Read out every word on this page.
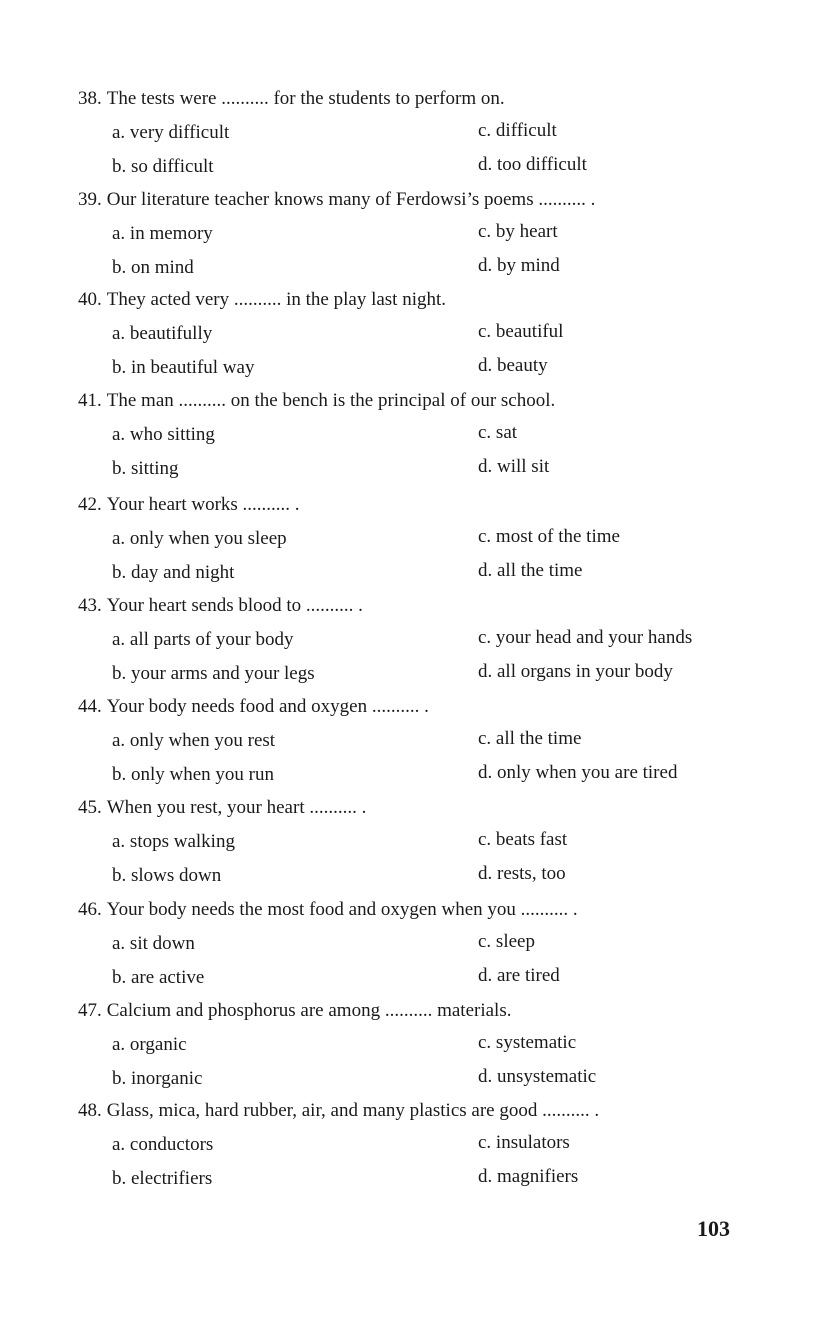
38. The tests were .......... for the students to perform on.
a. very difficult	c. difficult
b. so difficult	d. too difficult
39. Our literature teacher knows many of Ferdowsi’s poems .......... .
a. in memory	c. by heart
b. on mind	d. by mind
40. They acted very .......... in the play last night.
a. beautifully	c. beautiful
b. in beautiful way	d. beauty
41. The man .......... on the bench is the principal of our school.
a. who sitting	c. sat
b. sitting	d. will sit
42. Your heart works .......... .
a. only when you sleep	c. most of the time
b. day and night	d. all the time
43. Your heart sends blood to .......... .
a. all parts of your body	c. your head and your hands
b. your arms and your legs	d. all organs in your body
44. Your body needs food and oxygen .......... .
a. only when you rest	c. all the time
b. only when you run	d. only when you are tired
45. When you rest, your heart .......... .
a. stops walking	c. beats fast
b. slows down	d. rests, too
46. Your body needs the most food and oxygen when you .......... .
a. sit down	c. sleep
b. are active	d. are tired
47. Calcium and phosphorus are among .......... materials.
a. organic	c. systematic
b. inorganic	d. unsystematic
48. Glass, mica, hard rubber, air, and many plastics are good .......... .
a. conductors	c. insulators
b. electrifiers	d. magnifiers
103
